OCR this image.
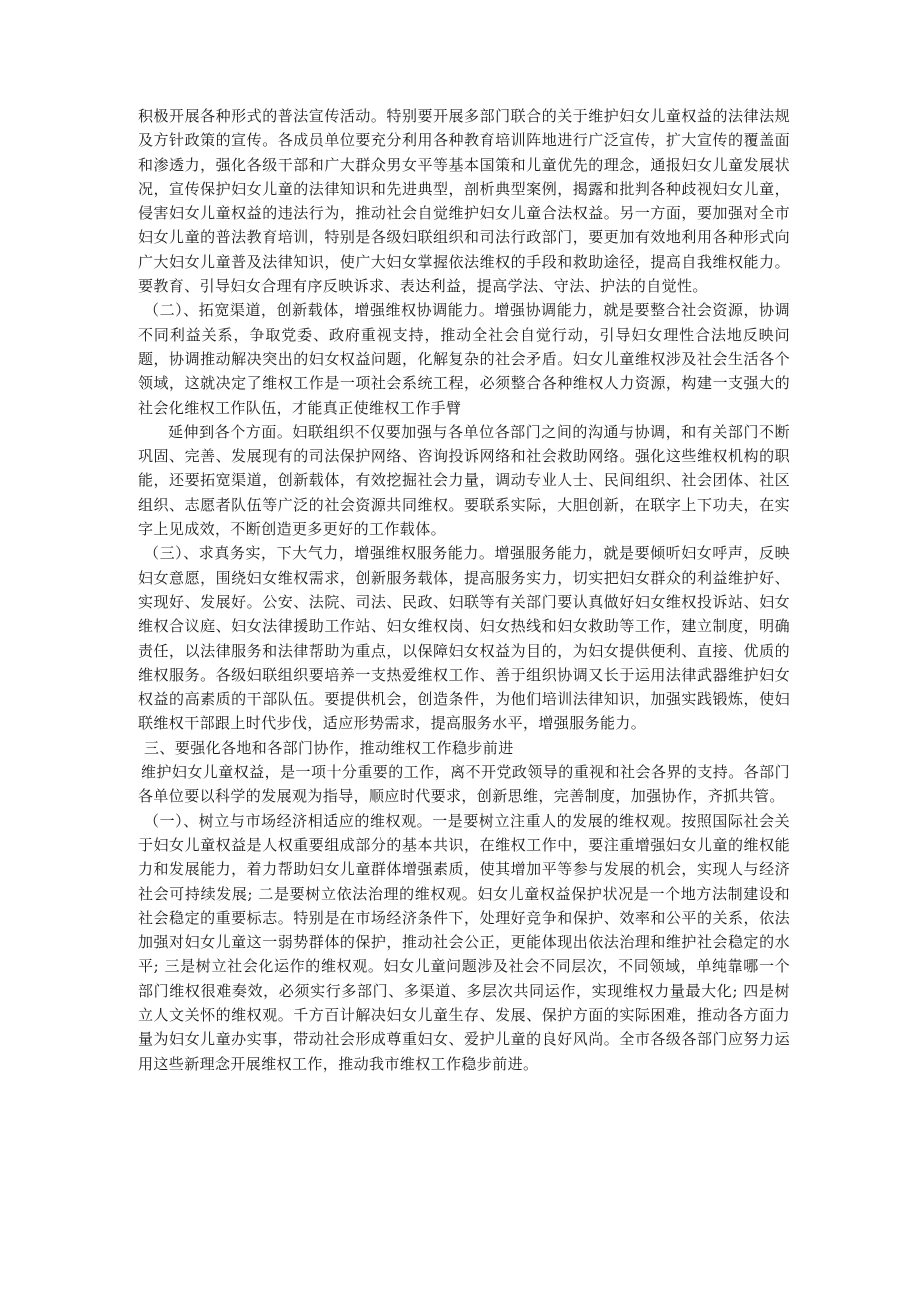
积极开展各种形式的普法宣传活动。特别要开展多部门联合的关于维护妇女儿童权益的法律法规及方针政策的宣传。各成员单位要充分利用各种教育培训阵地进行广泛宣传，扩大宣传的覆盖面和渗透力，强化各级干部和广大群众男女平等基本国策和儿童优先的理念，通报妇女儿童发展状况，宣传保护妇女儿童的法律知识和先进典型，剖析典型案例，揭露和批判各种歧视妇女儿童，侵害妇女儿童权益的违法行为，推动社会自觉维护妇女儿童合法权益。另一方面，要加强对全市妇女儿童的普法教育培训，特别是各级妇联组织和司法行政部门，要更加有效地利用各种形式向广大妇女儿童普及法律知识，使广大妇女掌握依法维权的手段和救助途径，提高自我维权能力。要教育、引导妇女合理有序反映诉求、表达利益，提高学法、守法、护法的自觉性。

（二）、拓宽渠道，创新载体，增强维权协调能力。增强协调能力，就是要整合社会资源，协调不同利益关系，争取党委、政府重视支持，推动全社会自觉行动，引导妇女理性合法地反映问题，协调推动解决突出的妇女权益问题，化解复杂的社会矛盾。妇女儿童维权涉及社会生活各个领域，这就决定了维权工作是一项社会系统工程，必须整合各种维权人力资源，构建一支强大的社会化维权工作队伍，才能真正使维权工作手臂

延伸到各个方面。妇联组织不仅要加强与各单位各部门之间的沟通与协调，和有关部门不断巩固、完善、发展现有的司法保护网络、咨询投诉网络和社会救助网络。强化这些维权机构的职能，还要拓宽渠道，创新载体，有效挖掘社会力量，调动专业人士、民间组织、社会团体、社区组织、志愿者队伍等广泛的社会资源共同维权。要联系实际，大胆创新，在联字上下功夫，在实字上见成效，不断创造更多更好的工作载体。

（三）、求真务实，下大气力，增强维权服务能力。增强服务能力，就是要倾听妇女呼声，反映妇女意愿，围绕妇女维权需求，创新服务载体，提高服务实力，切实把妇女群众的利益维护好、实现好、发展好。公安、法院、司法、民政、妇联等有关部门要认真做好妇女维权投诉站、妇女维权合议庭、妇女法律援助工作站、妇女维权岗、妇女热线和妇女救助等工作，建立制度，明确责任，以法律服务和法律帮助为重点，以保障妇女权益为目的，为妇女提供便利、直接、优质的维权服务。各级妇联组织要培养一支热爱维权工作、善于组织协调又长于运用法律武器维护妇女权益的高素质的干部队伍。要提供机会，创造条件，为他们培训法律知识，加强实践锻炼，使妇联维权干部跟上时代步伐，适应形势需求，提高服务水平，增强服务能力。

三、要强化各地和各部门协作，推动维权工作稳步前进

维护妇女儿童权益，是一项十分重要的工作，离不开党政领导的重视和社会各界的支持。各部门各单位要以科学的发展观为指导，顺应时代要求，创新思维，完善制度，加强协作，齐抓共管。

（一）、树立与市场经济相适应的维权观。一是要树立注重人的发展的维权观。按照国际社会关于妇女儿童权益是人权重要组成部分的基本共识，在维权工作中，要注重增强妇女儿童的维权能力和发展能力，着力帮助妇女儿童群体增强素质，使其增加平等参与发展的机会，实现人与经济社会可持续发展; 二是要树立依法治理的维权观。妇女儿童权益保护状况是一个地方法制建设和社会稳定的重要标志。特别是在市场经济条件下，处理好竞争和保护、效率和公平的关系，依法加强对妇女儿童这一弱势群体的保护，推动社会公正，更能体现出依法治理和维护社会稳定的水平; 三是树立社会化运作的维权观。妇女儿童问题涉及社会不同层次，不同领域，单纯靠哪一个部门维权很难奏效，必须实行多部门、多渠道、多层次共同运作，实现维权力量最大化; 四是树立人文关怀的维权观。千方百计解决妇女儿童生存、发展、保护方面的实际困难，推动各方面力量为妇女儿童办实事，带动社会形成尊重妇女、爱护儿童的良好风尚。全市各级各部门应努力运用这些新理念开展维权工作，推动我市维权工作稳步前进。
